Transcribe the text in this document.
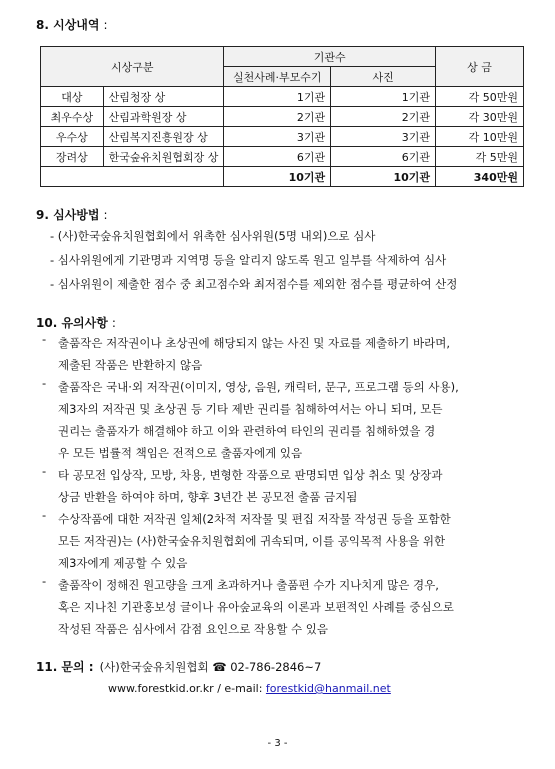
8. 시상내역 :
시상구분		기관수		상 금
		실천사례·부모수기	사진	
대상	산림청장 상	1기관	1기관	각 50만원
최우수상	산림과학원장 상	2기관	2기관	각 30만원
우수상	산림복지진흥원장 상	3기관	3기관	각 10만원
장려상	한국숲유치원협회장 상	6기관	6기관	각 5만원
		10기관	10기관	340만원
9. 심사방법 :
- (사)한국숲유치원협회에서 위촉한 심사위원(5명 내외)으로 심사
- 심사위원에게 기관명과 지역명 등을 알리지 않도록 원고 일부를 삭제하여 심사
- 심사위원이 제출한 점수 중 최고점수와 최저점수를 제외한 점수를 평균하여 산정
10. 유의사항 :
- 출품작은 저작권이나 초상권에 해당되지 않는 사진 및 자료를 제출하기 바라며,
제출된 작품은 반환하지 않음
- 출품작은 국내·외 저작권(이미지, 영상, 음원, 캐릭터, 문구, 프로그램 등의 사용),
제3자의 저작권 및 초상권 등 기타 제반 권리를 침해하여서는 아니 되며, 모든
권리는 출품자가 해결해야 하고 이와 관련하여 타인의 권리를 침해하였을 경
우 모든 법률적 책임은 전적으로 출품자에게 있음
- 타 공모전 입상작, 모방, 차용, 변형한 작품으로 판명되면 입상 취소 및 상장과
상금 반환을 하여야 하며, 향후 3년간 본 공모전 출품 금지됨
- 수상작품에 대한 저작권 일체(2차적 저작물 및 편집 저작물 작성권 등을 포함한
모든 저작권)는 (사)한국숲유치원협회에 귀속되며, 이를 공익목적 사용을 위한
제3자에게 제공할 수 있음
- 출품작이 정해진 원고량을 크게 초과하거나 출품편 수가 지나치게 많은 경우,
혹은 지나친 기관홍보성 글이나 유아숲교육의 이론과 보편적인 사례를 중심으로
작성된 작품은 심사에서 감점 요인으로 작용할 수 있음
11. 문의 : (사)한국숲유치원협회 ☎ 02-786-2846~7
www.forestkid.or.kr / e-mail: forestkid@hanmail.net
- 3 -
